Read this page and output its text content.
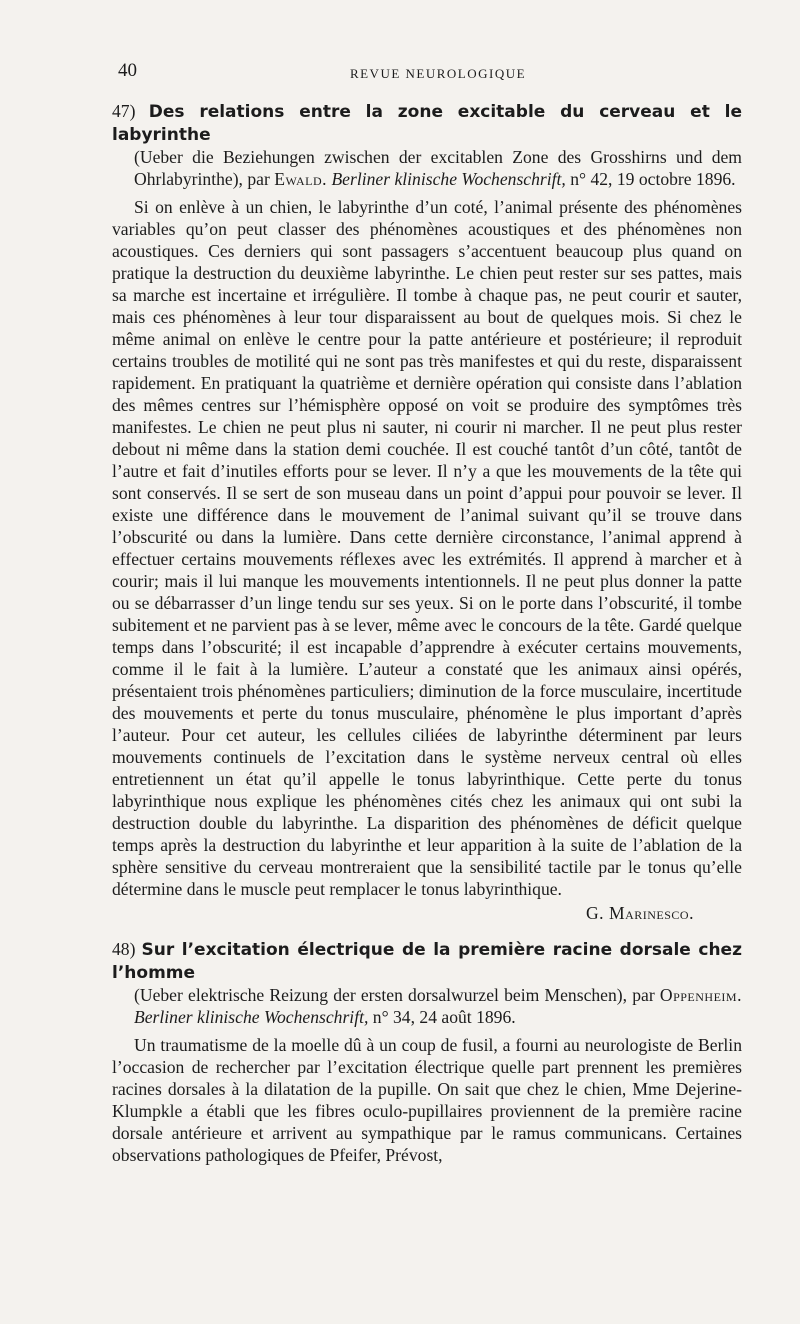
40	REVUE NEUROLOGIQUE
47) Des relations entre la zone excitable du cerveau et le labyrinthe
(Ueber die Beziehungen zwischen der excitablen Zone des Grosshirns und dem Ohrlabyrinthe), par Ewald. Berliner klinische Wochenschrift, n° 42, 19 octobre 1896.

Si on enlève à un chien, le labyrinthe d’un coté, l’animal présente des phénomènes variables qu’on peut classer des phénomènes acoustiques et des phénomènes non acoustiques. Ces derniers qui sont passagers s’accentuent beaucoup plus quand on pratique la destruction du deuxième labyrinthe. Le chien peut rester sur ses pattes, mais sa marche est incertaine et irrégulière. Il tombe à chaque pas, ne peut courir et sauter, mais ces phénomènes à leur tour disparaissent au bout de quelques mois. Si chez le même animal on enlève le centre pour la patte antérieure et postérieure; il reproduit certains troubles de motilité qui ne sont pas très manifestes et qui du reste, disparaissent rapidement. En pratiquant la quatrième et dernière opération qui consiste dans l’ablation des mêmes centres sur l’hémisphère opposé on voit se produire des symptômes très manifestes. Le chien ne peut plus ni sauter, ni courir ni marcher. Il ne peut plus rester debout ni même dans la station demi couchée. Il est couché tantôt d’un côté, tantôt de l’autre et fait d’inutiles efforts pour se lever. Il n’y a que les mouvements de la tête qui sont conservés. Il se sert de son museau dans un point d’appui pour pouvoir se lever. Il existe une différence dans le mouvement de l’animal suivant qu’il se trouve dans l’obscurité ou dans la lumière. Dans cette dernière circonstance, l’animal apprend à effectuer certains mouvements réflexes avec les extrémités. Il apprend à marcher et à courir; mais il lui manque les mouvements intentionnels. Il ne peut plus donner la patte ou se débarrasser d’un linge tendu sur ses yeux. Si on le porte dans l’obscurité, il tombe subitement et ne parvient pas à se lever, même avec le concours de la tête. Gardé quelque temps dans l’obscurité; il est incapable d’apprendre à exécuter certains mouvements, comme il le fait à la lumière. L’auteur a constaté que les animaux ainsi opérés, présentaient trois phénomènes particuliers; diminution de la force musculaire, incertitude des mouvements et perte du tonus musculaire, phénomène le plus important d’après l’auteur. Pour cet auteur, les cellules ciliées de labyrinthe déterminent par leurs mouvements continuels de l’excitation dans le système nerveux central où elles entretiennent un état qu’il appelle le tonus labyrinthique. Cette perte du tonus labyrinthique nous explique les phénomènes cités chez les animaux qui ont subi la destruction double du labyrinthe. La disparition des phénomènes de déficit quelque temps après la destruction du labyrinthe et leur apparition à la suite de l’ablation de la sphère sensitive du cerveau montreraient que la sensibilité tactile par le tonus qu’elle détermine dans le muscle peut remplacer le tonus labyrinthique.

G. Marinesco.
48) Sur l’excitation électrique de la première racine dorsale chez l’homme
(Ueber elektrische Reizung der ersten dorsalwurzel beim Menschen), par Oppenheim. Berliner klinische Wochenschrift, n° 34, 24 août 1896.

Un traumatisme de la moelle dû à un coup de fusil, a fourni au neurologiste de Berlin l’occasion de rechercher par l’excitation électrique quelle part prennent les premières racines dorsales à la dilatation de la pupille. On sait que chez le chien, Mme Dejerine-Klumpkle a établi que les fibres oculo-pupillaires proviennent de la première racine dorsale antérieure et arrivent au sympathique par le ramus communicans. Certaines observations pathologiques de Pfeifer, Prévost,
